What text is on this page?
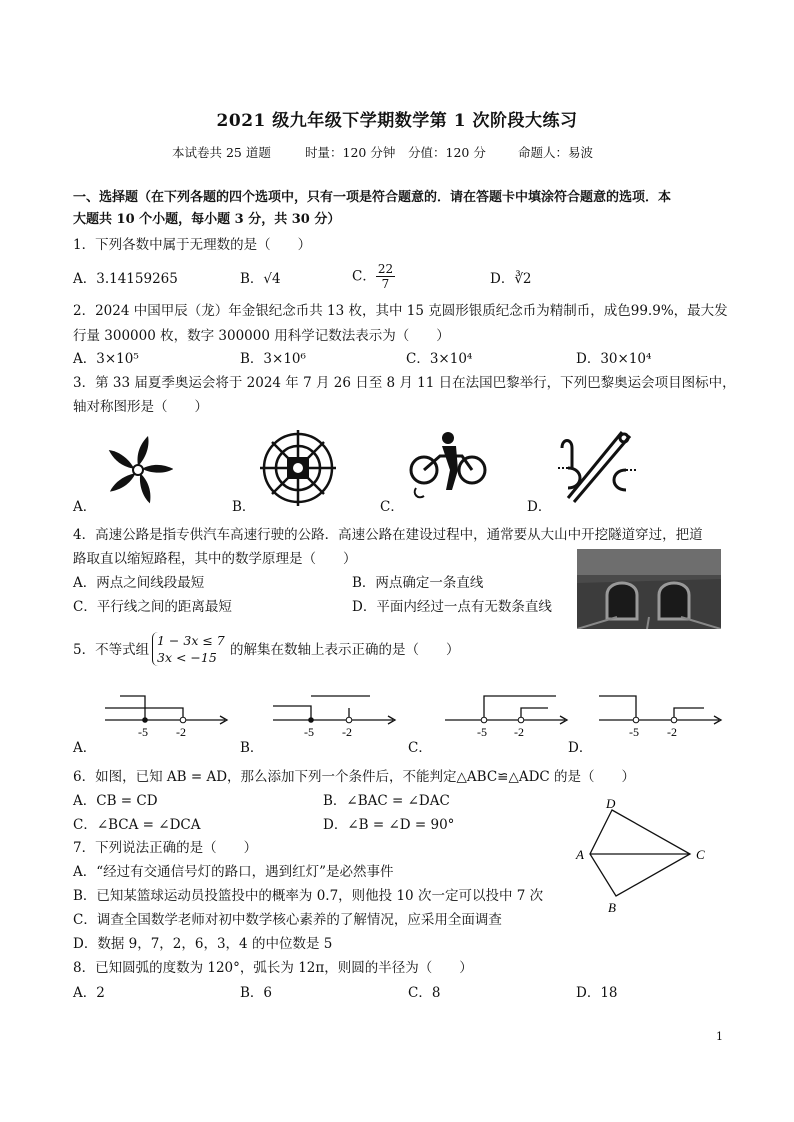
2021 级九年级下学期数学第 1 次阶段大练习
本试卷共 25 道题	时量：120 分钟 分值：120 分	命题人：易波
一、选择题（在下列各题的四个选项中，只有一项是符合题意的．请在答题卡中填涂符合题意的选项．本
大题共 10 个小题，每小题 3 分，共 30 分）
1．下列各数中属于无理数的是（　　）
A．3.14159265	B．√4	C． $\frac{22}{7}$	D．∛2
2．2024 中国甲辰（龙）年金银纪念币共 13 枚，其中 15 克圆形银质纪念币为精制币，成色99.9%，最大发
行量 300000 枚，数字 300000 用科学记数法表示为（　　）
A．3×10⁵	B．3×10⁶	C．3×10⁴	D．30×10⁴
3．第 33 届夏季奥运会将于 2024 年 7 月 26 日至 8 月 11 日在法国巴黎举行，下列巴黎奥运会项目图标中，
轴对称图形是（　　）
A．	B．	C．	D．
4．高速公路是指专供汽车高速行驶的公路．高速公路在建设过程中，通常要从大山中开挖隧道穿过，把道
路取直以缩短路程，其中的数学原理是（　　）
A．两点之间线段最短	B．两点确定一条直线
C．平行线之间的距离最短	D．平面内经过一点有无数条直线
5．不等式组
1 − 3x ≤ 7
3x < −15 的解集在数轴上表示正确的是（　　）
-5 -2	-5 -2	-5 -2	-5 -2
A．	B．	C．	D．
6．如图，已知 AB = AD，那么添加下列一个条件后，不能判定△ABC≌△ADC 的是（　　）
A．CB = CD	B．∠BAC = ∠DAC
C．∠BCA = ∠DCA	D．∠B = ∠D = 90°
D
A	C
B
7．下列说法正确的是（　　）
A．“经过有交通信号灯的路口，遇到红灯”是必然事件
B．已知某篮球运动员投篮投中的概率为 0.7，则他投 10 次一定可以投中 7 次
C．调查全国数学老师对初中数学核心素养的了解情况，应采用全面调查
D．数据 9，7，2，6，3，4 的中位数是 5
8．已知圆弧的度数为 120°，弧长为 12π，则圆的半径为（　　）
A．2	B．6	C．8	D．18
1
